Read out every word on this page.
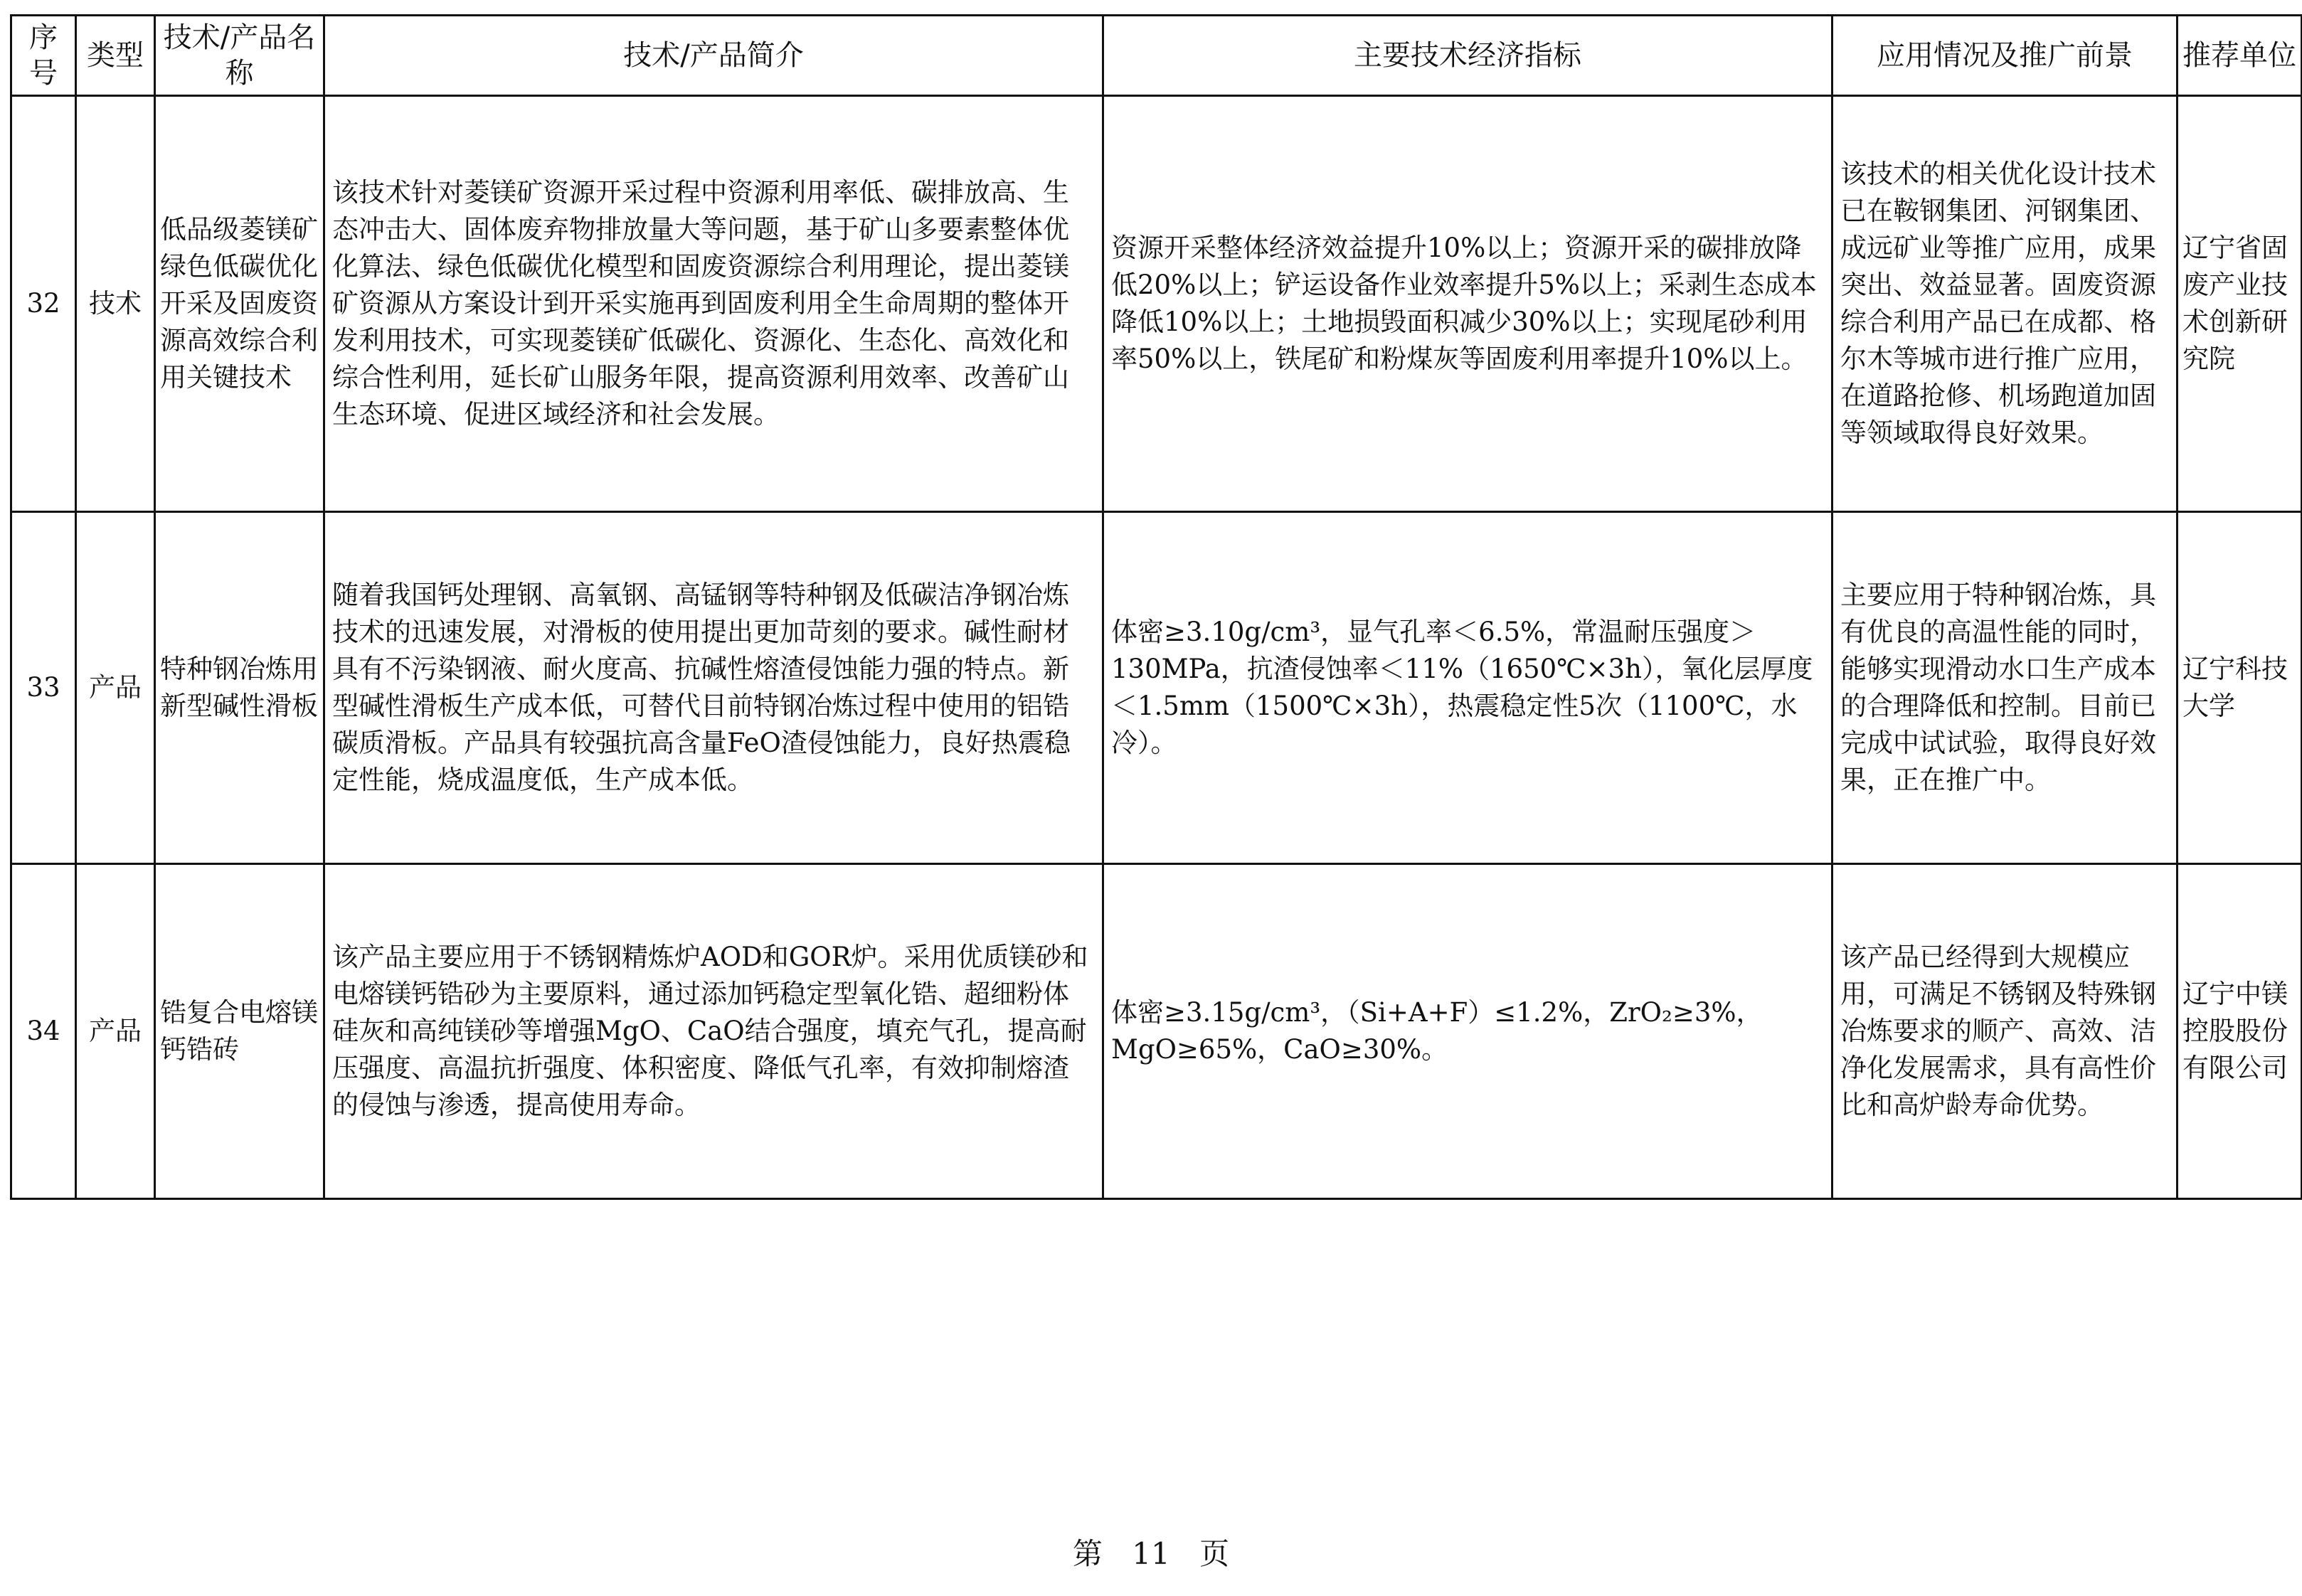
序号	类型	技术/产品名称	技术/产品简介	主要技术经济指标	应用情况及推广前景	推荐单位
32	技术	低品级菱镁矿绿色低碳优化开采及固废资源高效综合利用关键技术	该技术针对菱镁矿资源开采过程中资源利用率低、碳排放高、生态冲击大、固体废弃物排放量大等问题，基于矿山多要素整体优化算法、绿色低碳优化模型和固废资源综合利用理论，提出菱镁矿资源从方案设计到开采实施再到固废利用全生命周期的整体开发利用技术，可实现菱镁矿低碳化、资源化、生态化、高效化和综合性利用，延长矿山服务年限，提高资源利用效率、改善矿山生态环境、促进区域经济和社会发展。	资源开采整体经济效益提升10%以上；资源开采的碳排放降低20%以上；铲运设备作业效率提升5%以上；采剥生态成本降低10%以上；土地损毁面积减少30%以上；实现尾砂利用率50%以上，铁尾矿和粉煤灰等固废利用率提升10%以上。	该技术的相关优化设计技术已在鞍钢集团、河钢集团、成远矿业等推广应用，成果突出、效益显著。固废资源综合利用产品已在成都、格尔木等城市进行推广应用，在道路抢修、机场跑道加固等领域取得良好效果。	辽宁省固废产业技术创新研究院
33	产品	特种钢冶炼用新型碱性滑板	随着我国钙处理钢、高氧钢、高锰钢等特种钢及低碳洁净钢冶炼技术的迅速发展，对滑板的使用提出更加苛刻的要求。碱性耐材具有不污染钢液、耐火度高、抗碱性熔渣侵蚀能力强的特点。新型碱性滑板生产成本低，可替代目前特钢冶炼过程中使用的铝锆碳质滑板。产品具有较强抗高含量FeO渣侵蚀能力，良好热震稳定性能，烧成温度低，生产成本低。	体密≥3.10g/cm³，显气孔率＜6.5%，常温耐压强度＞130MPa，抗渣侵蚀率＜11%（1650℃×3h），氧化层厚度＜1.5mm（1500℃×3h），热震稳定性5次（1100℃，水冷）。	主要应用于特种钢冶炼，具有优良的高温性能的同时，能够实现滑动水口生产成本的合理降低和控制。目前已完成中试试验，取得良好效果，正在推广中。	辽宁科技大学
34	产品	锆复合电熔镁钙锆砖	该产品主要应用于不锈钢精炼炉AOD和GOR炉。采用优质镁砂和电熔镁钙锆砂为主要原料，通过添加钙稳定型氧化锆、超细粉体硅灰和高纯镁砂等增强MgO、CaO结合强度，填充气孔，提高耐压强度、高温抗折强度、体积密度、降低气孔率，有效抑制熔渣的侵蚀与渗透，提高使用寿命。	体密≥3.15g/cm³，（Si+A+F）≤1.2%，ZrO₂≥3%，MgO≥65%，CaO≥30%。	该产品已经得到大规模应用，可满足不锈钢及特殊钢冶炼要求的顺产、高效、洁净化发展需求，具有高性价比和高炉龄寿命优势。	辽宁中镁控股股份有限公司
第 11 页
